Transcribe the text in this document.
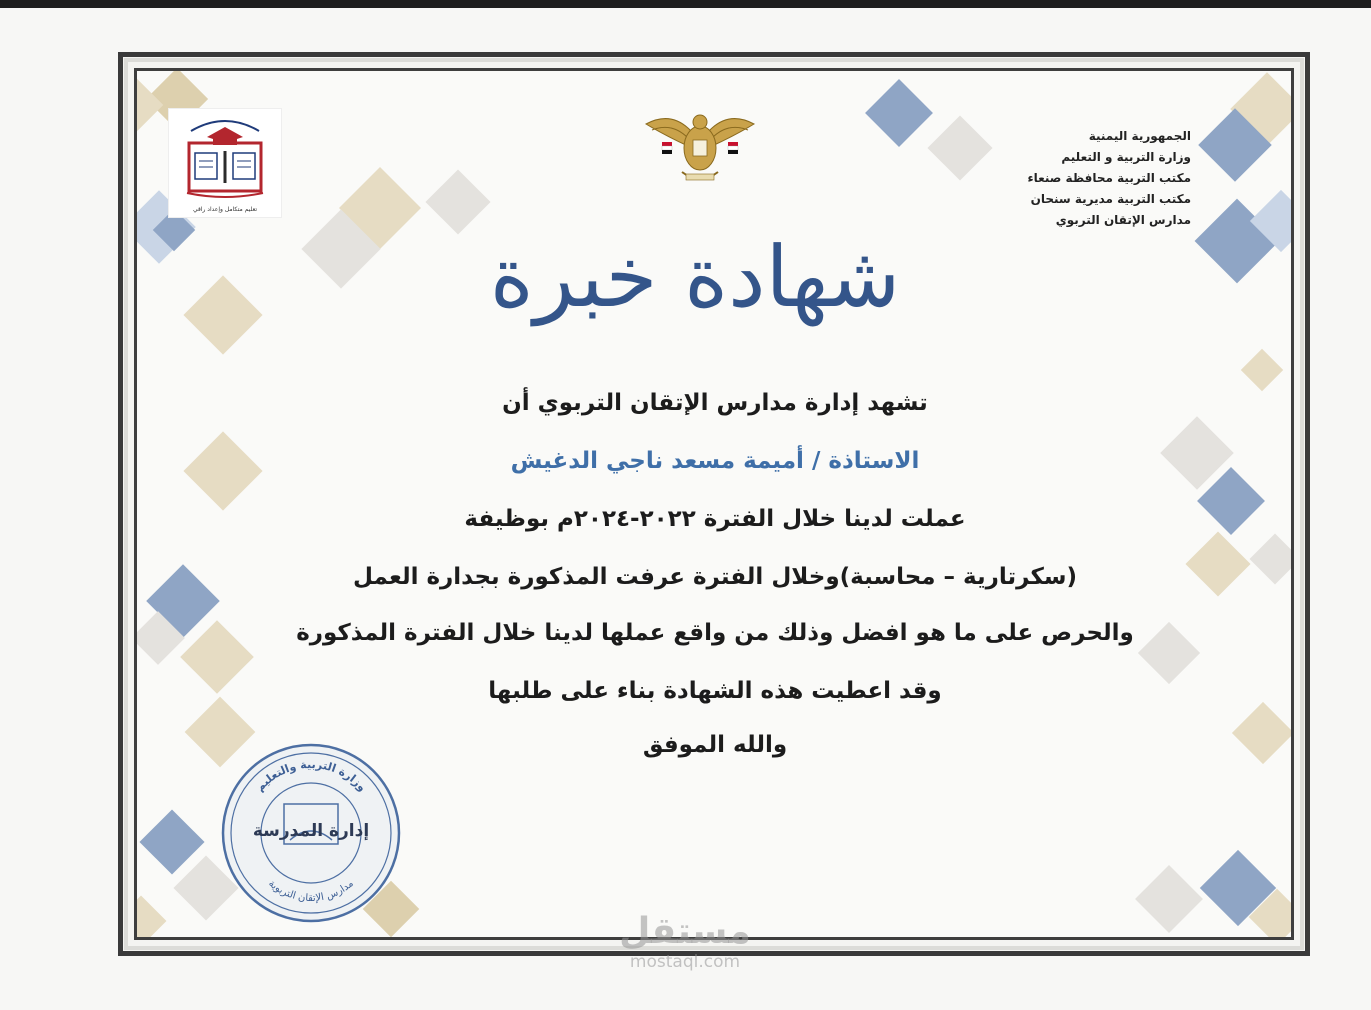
الجمهورية اليمنية
وزارة التربية و التعليم
مكتب التربية محافظة صنعاء
مكتب التربية مديرية سنحان
مدارس الإتقان التربوي
تعليم متكامل وإعداد راقي
شهادة خبرة
تشهد إدارة مدارس الإتقان التربوي أن
الاستاذة / أميمة مسعد ناجي الدغيش
عملت لدينا خلال الفترة ٢٠٢٢-٢٠٢٤م بوظيفة
(سكرتارية – محاسبة)وخلال الفترة عرفت المذكورة بجدارة العمل
والحرص على ما هو افضل وذلك من واقع عملها لدينا خلال الفترة المذكورة
وقد اعطيت هذه الشهادة بناء على طلبها
والله الموفق
وزارة التربية والتعليم
مدارس الإتقان التربوية
إدارة المدرسة
مستقل
mostaql.com
